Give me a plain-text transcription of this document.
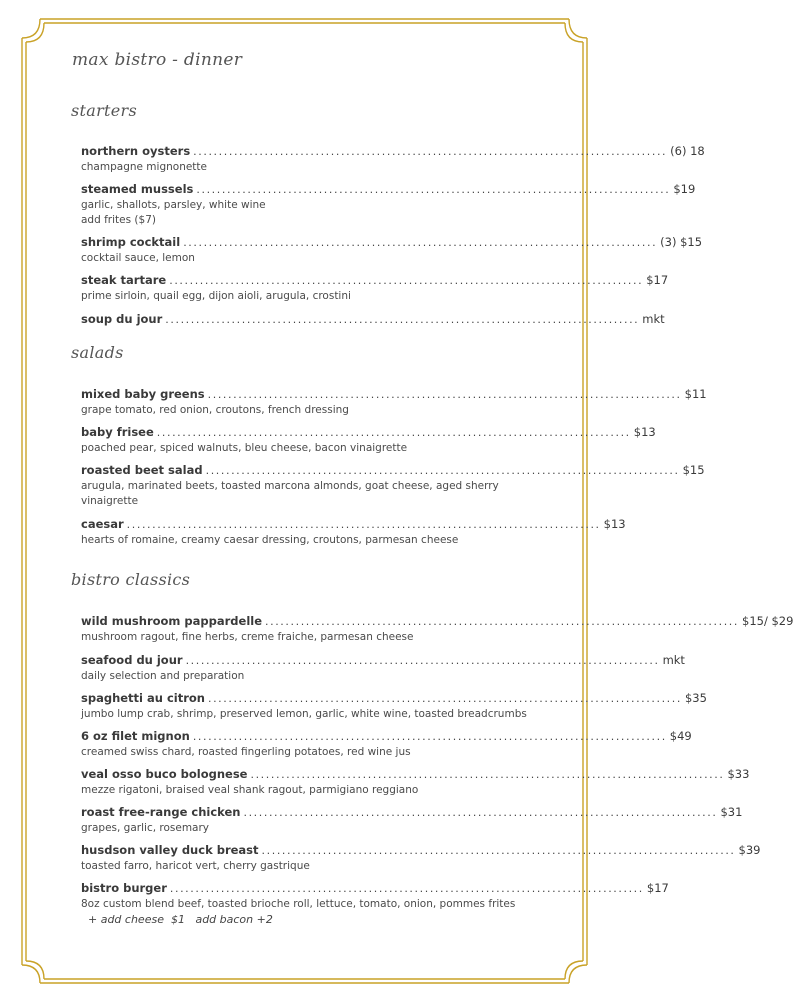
max bistro - dinner
starters
northern oysters ............................................................................................. (6) 18
champagne mignonette
steamed mussels ............................................................................................. $19
garlic, shallots, parsley, white wine
add frites ($7)
shrimp cocktail ............................................................................................. (3) $15
cocktail sauce, lemon
steak tartare ............................................................................................. $17
prime sirloin, quail egg, dijon aioli, arugula, crostini
soup du jour ............................................................................................. mkt
salads
mixed baby greens ............................................................................................. $11
grape tomato, red onion, croutons, french dressing
baby frisee ............................................................................................. $13
poached pear, spiced walnuts, bleu cheese, bacon vinaigrette
roasted beet salad ............................................................................................. $15
arugula, marinated beets, toasted marcona almonds, goat cheese, aged sherry vinaigrette
caesar ............................................................................................. $13
hearts of romaine, creamy caesar dressing, croutons, parmesan cheese
bistro classics
wild mushroom pappardelle ............................................................................................. $15/ $29
mushroom ragout, fine herbs, creme fraiche, parmesan cheese
seafood du jour ............................................................................................. mkt
daily selection and preparation
spaghetti au citron ............................................................................................. $35
jumbo lump crab, shrimp, preserved lemon, garlic, white wine, toasted breadcrumbs
6 oz filet mignon ............................................................................................. $49
creamed swiss chard, roasted fingerling potatoes, red wine jus
veal osso buco bolognese ............................................................................................. $33
mezze rigatoni, braised veal shank ragout, parmigiano reggiano
roast free-range chicken ............................................................................................. $31
grapes, garlic, rosemary
husdson valley duck breast ............................................................................................. $39
toasted farro, haricot vert, cherry gastrique
bistro burger ............................................................................................. $17
8oz custom blend beef, toasted brioche roll, lettuce, tomato, onion, pommes frites
+ add cheese  $1   add bacon +2
